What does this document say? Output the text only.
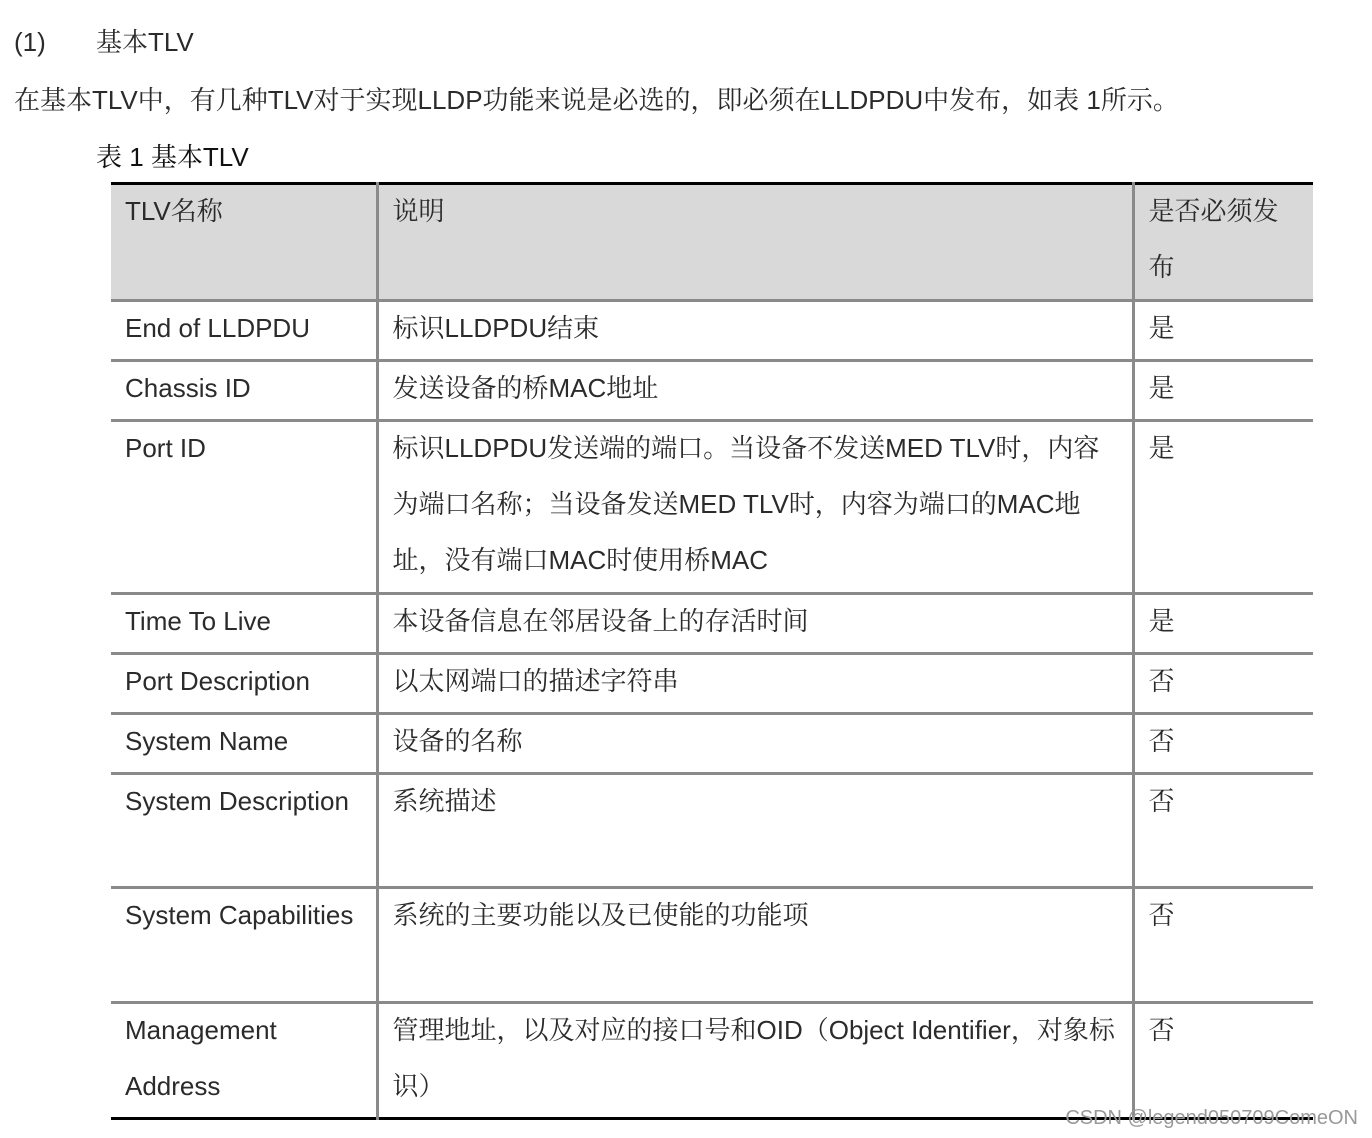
(1) 基本TLV
在基本TLV中，有几种TLV对于实现LLDP功能来说是必选的，即必须在LLDPDU中发布，如表 1所示。
表 1 基本TLV
TLV名称	说明	是否必须发布

End of LLDPDU	标识LLDPDU结束	是

Chassis ID	发送设备的桥MAC地址	是

Port ID	标识LLDPDU发送端的端口。当设备不发送MED TLV时，内容为端口名称；当设备发送MED TLV时，内容为端口的MAC地址，没有端口MAC时使用桥MAC	是

Time To Live	本设备信息在邻居设备上的存活时间	是

Port Description	以太网端口的描述字符串	否

System Name	设备的名称	否

System Description	系统描述	否

System Capabilities	系统的主要功能以及已使能的功能项	否

Management Address	管理地址，以及对应的接口号和OID（Object Identifier，对象标识）	否
CSDN @legend050709ComeON
